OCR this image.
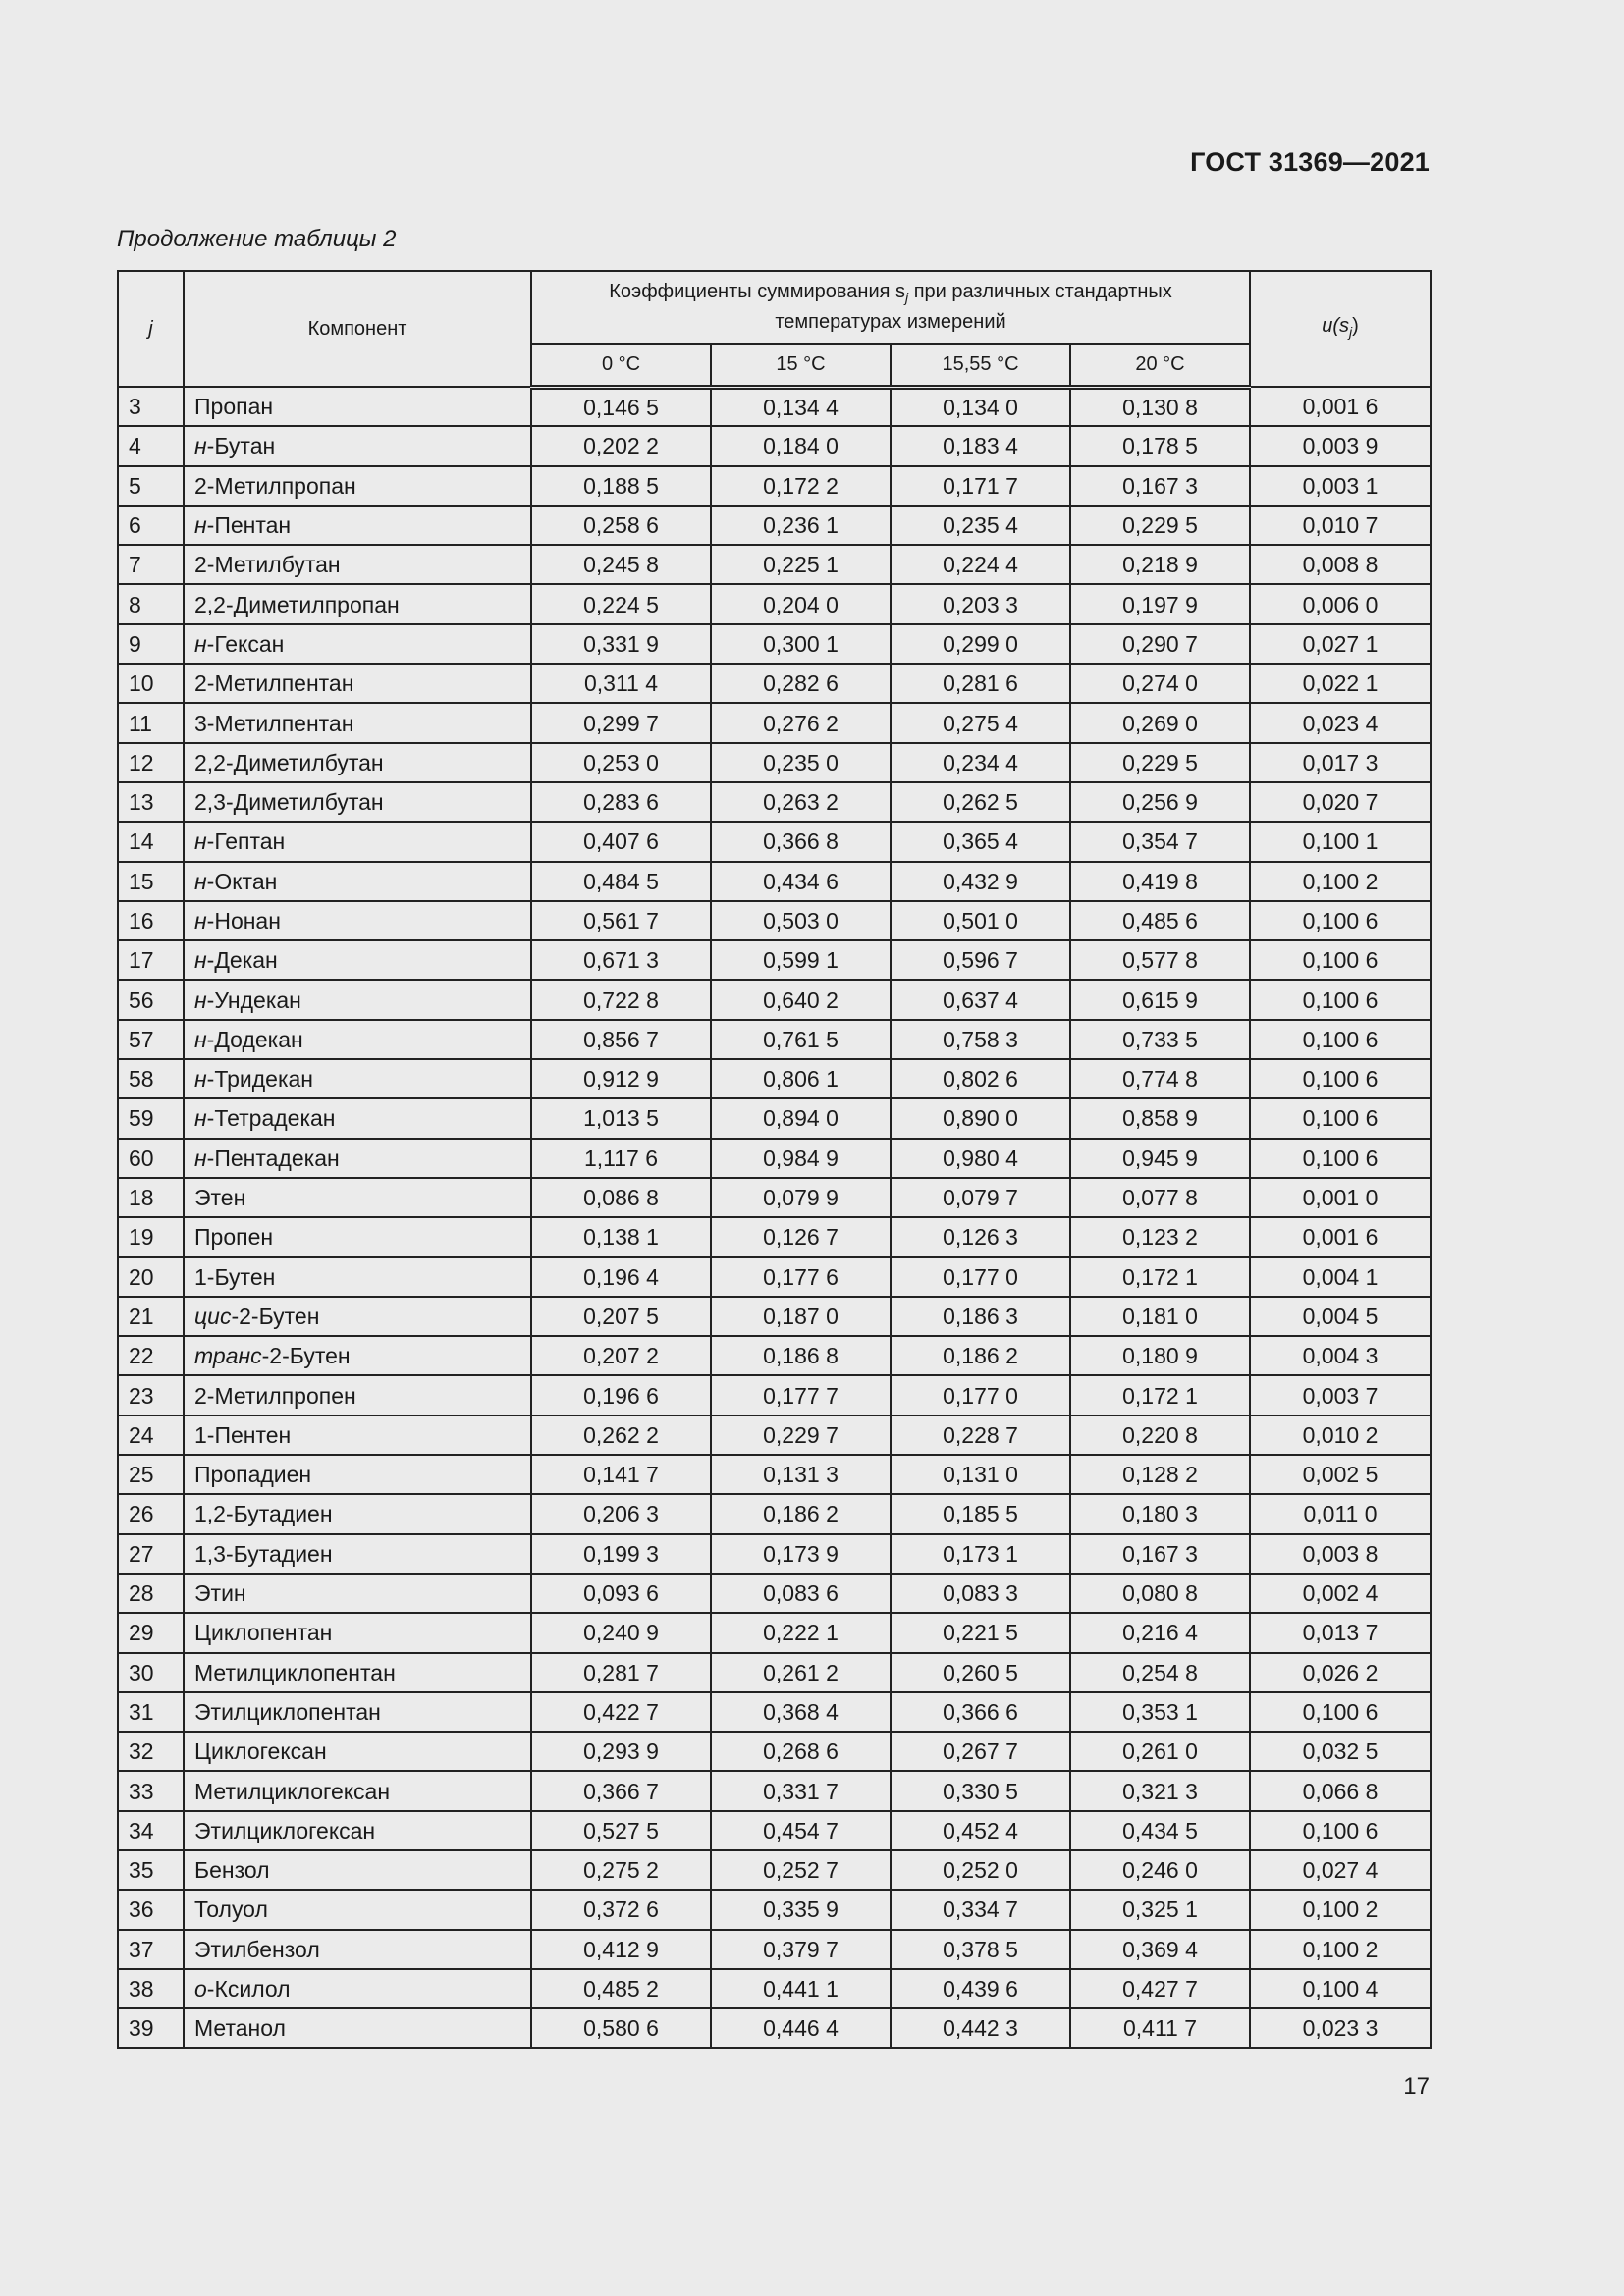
ГОСТ 31369—2021
Продолжение таблицы 2
j	Компонент	Коэффициенты суммирования $s_j$ при различных стандартных температурах измерений				$u(s_j)$
		0 °C	15 °C	15,55 °C	20 °C	
3	Пропан	0,146 5	0,134 4	0,134 0	0,130 8	0,001 6
4	н-Бутан	0,202 2	0,184 0	0,183 4	0,178 5	0,003 9
5	2-Метилпропан	0,188 5	0,172 2	0,171 7	0,167 3	0,003 1
6	н-Пентан	0,258 6	0,236 1	0,235 4	0,229 5	0,010 7
7	2-Метилбутан	0,245 8	0,225 1	0,224 4	0,218 9	0,008 8
8	2,2-Диметилпропан	0,224 5	0,204 0	0,203 3	0,197 9	0,006 0
9	н-Гексан	0,331 9	0,300 1	0,299 0	0,290 7	0,027 1
10	2-Метилпентан	0,311 4	0,282 6	0,281 6	0,274 0	0,022 1
11	3-Метилпентан	0,299 7	0,276 2	0,275 4	0,269 0	0,023 4
12	2,2-Диметилбутан	0,253 0	0,235 0	0,234 4	0,229 5	0,017 3
13	2,3-Диметилбутан	0,283 6	0,263 2	0,262 5	0,256 9	0,020 7
14	н-Гептан	0,407 6	0,366 8	0,365 4	0,354 7	0,100 1
15	н-Октан	0,484 5	0,434 6	0,432 9	0,419 8	0,100 2
16	н-Нонан	0,561 7	0,503 0	0,501 0	0,485 6	0,100 6
17	н-Декан	0,671 3	0,599 1	0,596 7	0,577 8	0,100 6
56	н-Ундекан	0,722 8	0,640 2	0,637 4	0,615 9	0,100 6
57	н-Додекан	0,856 7	0,761 5	0,758 3	0,733 5	0,100 6
58	н-Тридекан	0,912 9	0,806 1	0,802 6	0,774 8	0,100 6
59	н-Тетрадекан	1,013 5	0,894 0	0,890 0	0,858 9	0,100 6
60	н-Пентадекан	1,117 6	0,984 9	0,980 4	0,945 9	0,100 6
18	Этен	0,086 8	0,079 9	0,079 7	0,077 8	0,001 0
19	Пропен	0,138 1	0,126 7	0,126 3	0,123 2	0,001 6
20	1-Бутен	0,196 4	0,177 6	0,177 0	0,172 1	0,004 1
21	цис-2-Бутен	0,207 5	0,187 0	0,186 3	0,181 0	0,004 5
22	транс-2-Бутен	0,207 2	0,186 8	0,186 2	0,180 9	0,004 3
23	2-Метилпропен	0,196 6	0,177 7	0,177 0	0,172 1	0,003 7
24	1-Пентен	0,262 2	0,229 7	0,228 7	0,220 8	0,010 2
25	Пропадиен	0,141 7	0,131 3	0,131 0	0,128 2	0,002 5
26	1,2-Бутадиен	0,206 3	0,186 2	0,185 5	0,180 3	0,011 0
27	1,3-Бутадиен	0,199 3	0,173 9	0,173 1	0,167 3	0,003 8
28	Этин	0,093 6	0,083 6	0,083 3	0,080 8	0,002 4
29	Циклопентан	0,240 9	0,222 1	0,221 5	0,216 4	0,013 7
30	Метилциклопентан	0,281 7	0,261 2	0,260 5	0,254 8	0,026 2
31	Этилциклопентан	0,422 7	0,368 4	0,366 6	0,353 1	0,100 6
32	Циклогексан	0,293 9	0,268 6	0,267 7	0,261 0	0,032 5
33	Метилциклогексан	0,366 7	0,331 7	0,330 5	0,321 3	0,066 8
34	Этилциклогексан	0,527 5	0,454 7	0,452 4	0,434 5	0,100 6
35	Бензол	0,275 2	0,252 7	0,252 0	0,246 0	0,027 4
36	Толуол	0,372 6	0,335 9	0,334 7	0,325 1	0,100 2
37	Этилбензол	0,412 9	0,379 7	0,378 5	0,369 4	0,100 2
38	о-Ксилол	0,485 2	0,441 1	0,439 6	0,427 7	0,100 4
39	Метанол	0,580 6	0,446 4	0,442 3	0,411 7	0,023 3
17
